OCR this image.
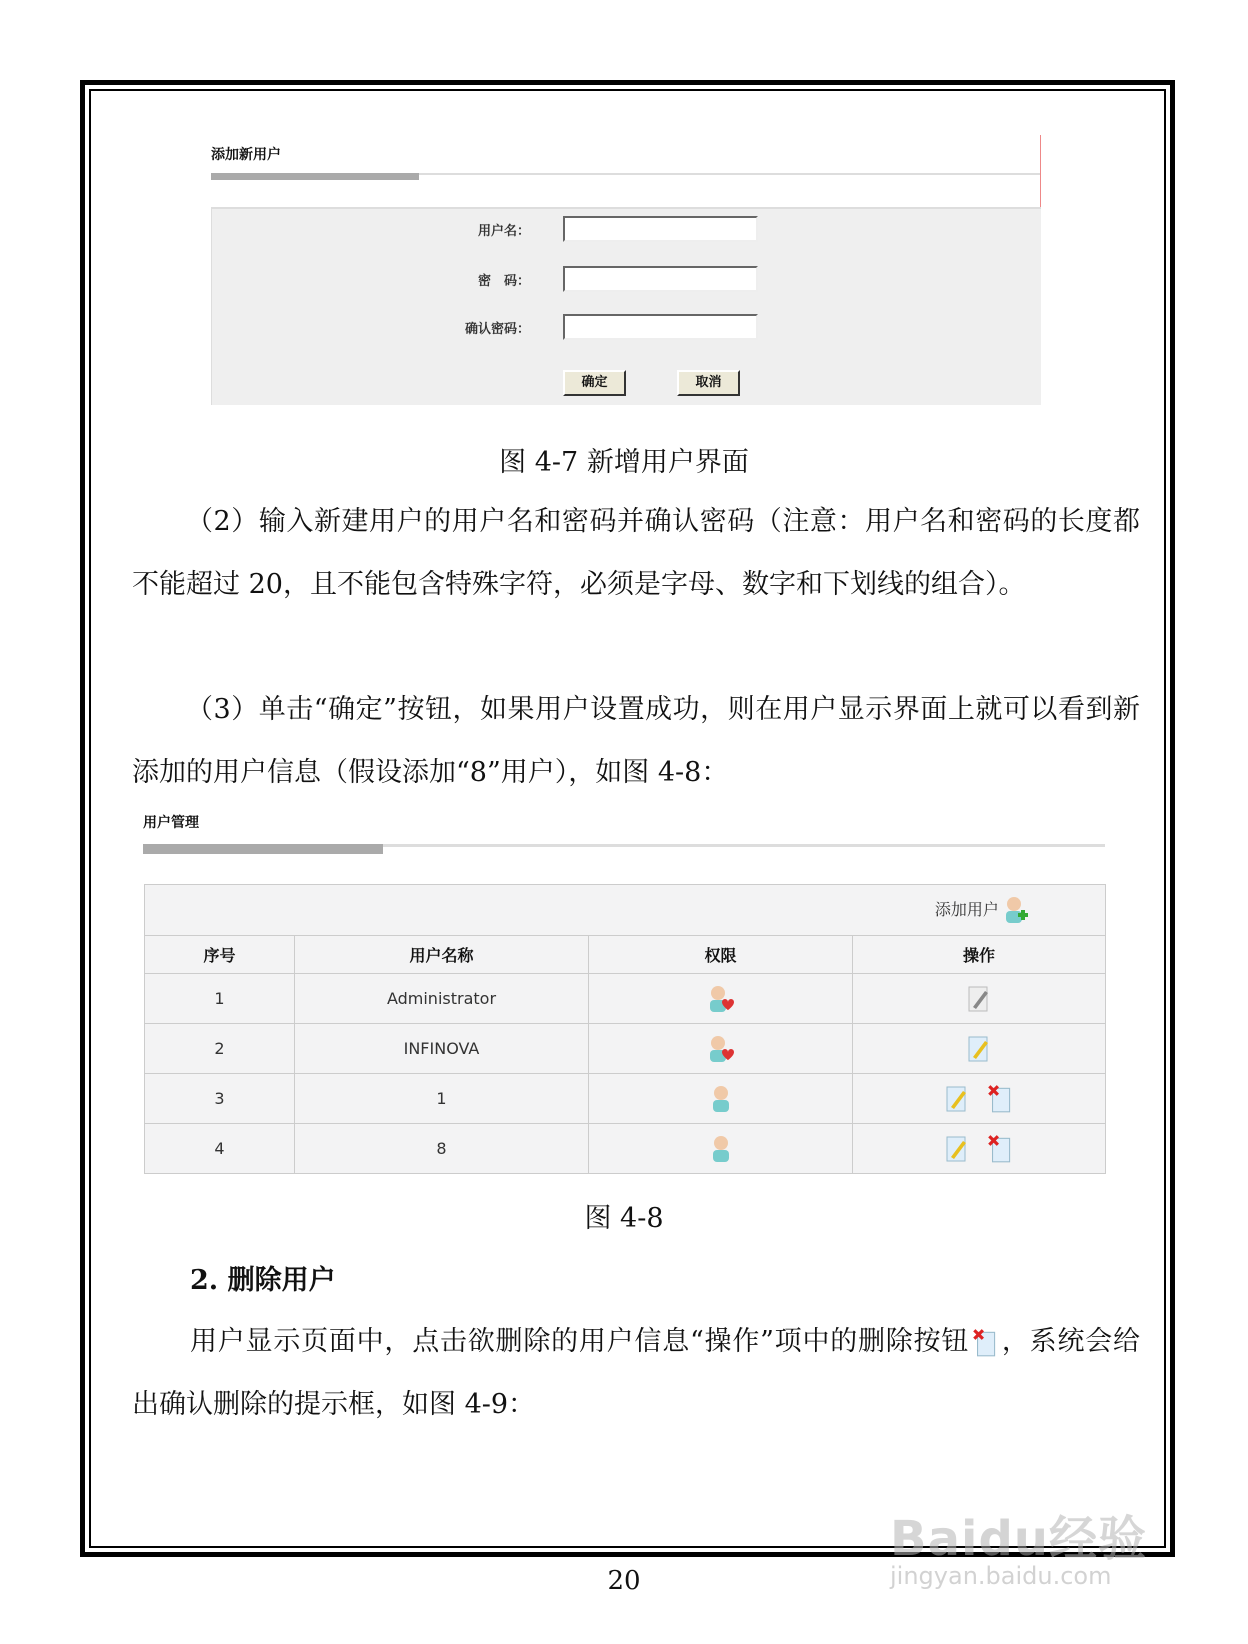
添加新用户
用户名：
密　码：
确认密码：
确定	取消
图 4-7 新增用户界面
（2）输入新建用户的用户名和密码并确认密码（注意：用户名和密码的长度都不能超过 20，且不能包含特殊字符，必须是字母、数字和下划线的组合）。
（3）单击“确定”按钮，如果用户设置成功，则在用户显示界面上就可以看到新添加的用户信息（假设添加“8”用户），如图 4-8：
用户管理
添加用户			
序号	用户名称	权限	操作
1	Administrator		
2	INFINOVA		
3	1		
4	8		
图 4-8
2. 删除用户
用户显示页面中，点击欲删除的用户信息“操作”项中的删除按钮 ，系统会给出确认删除的提示框，如图 4-9：
20
Baidu经验
jingyan.baidu.com
